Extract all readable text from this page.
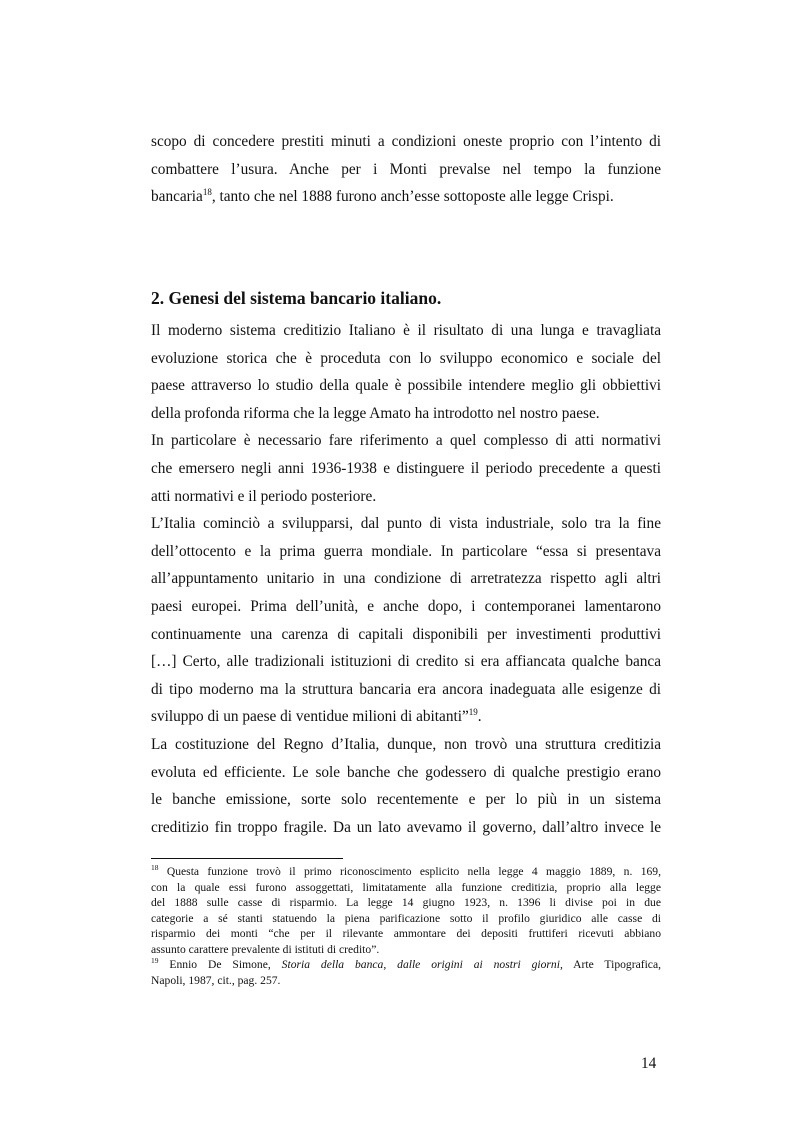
scopo di concedere prestiti minuti a condizioni oneste proprio con l’intento di
combattere l’usura. Anche per i Monti prevalse nel tempo la funzione
bancaria$^{18}$, tanto che nel 1888 furono anch’esse sottoposte alle legge Crispi.
2. Genesi del sistema bancario italiano.
Il moderno sistema creditizio Italiano è il risultato di una lunga e travagliata
evoluzione storica che è proceduta con lo sviluppo economico e sociale del
paese attraverso lo studio della quale è possibile intendere meglio gli obbiettivi
della profonda riforma che la legge Amato ha introdotto nel nostro paese.
In particolare è necessario fare riferimento a quel complesso di atti normativi
che emersero negli anni 1936-1938 e distinguere il periodo precedente a questi
atti normativi e il periodo posteriore.
L’Italia cominciò a svilupparsi, dal punto di vista industriale, solo tra la fine
dell’ottocento e la prima guerra mondiale. In particolare “essa si presentava
all’appuntamento unitario in una condizione di arretratezza rispetto agli altri
paesi europei. Prima dell’unità, e anche dopo, i contemporanei lamentarono
continuamente una carenza di capitali disponibili per investimenti produttivi
[…] Certo, alle tradizionali istituzioni di credito si era affiancata qualche banca
di tipo moderno ma la struttura bancaria era ancora inadeguata alle esigenze di
sviluppo di un paese di ventidue milioni di abitanti”$^{19}$.
La costituzione del Regno d’Italia, dunque, non trovò una struttura creditizia
evoluta ed efficiente. Le sole banche che godessero di qualche prestigio erano
le banche emissione, sorte solo recentemente e per lo più in un sistema
creditizio fin troppo fragile. Da un lato avevamo il governo, dall’altro invece le
$^{18}$ Questa funzione trovò il primo riconoscimento esplicito nella legge 4 maggio 1889, n. 169,
con la quale essi furono assoggettati, limitatamente alla funzione creditizia, proprio alla legge
del 1888 sulle casse di risparmio. La legge 14 giugno 1923, n. 1396 li divise poi in due
categorie a sé stanti statuendo la piena parificazione sotto il profilo giuridico alle casse di
risparmio dei monti “che per il rilevante ammontare dei depositi fruttiferi ricevuti abbiano
assunto carattere prevalente di istituti di credito”.
$^{19}$ Ennio De Simone, Storia della banca, dalle origini ai nostri giorni, Arte Tipografica,
Napoli, 1987, cit., pag. 257.
14
